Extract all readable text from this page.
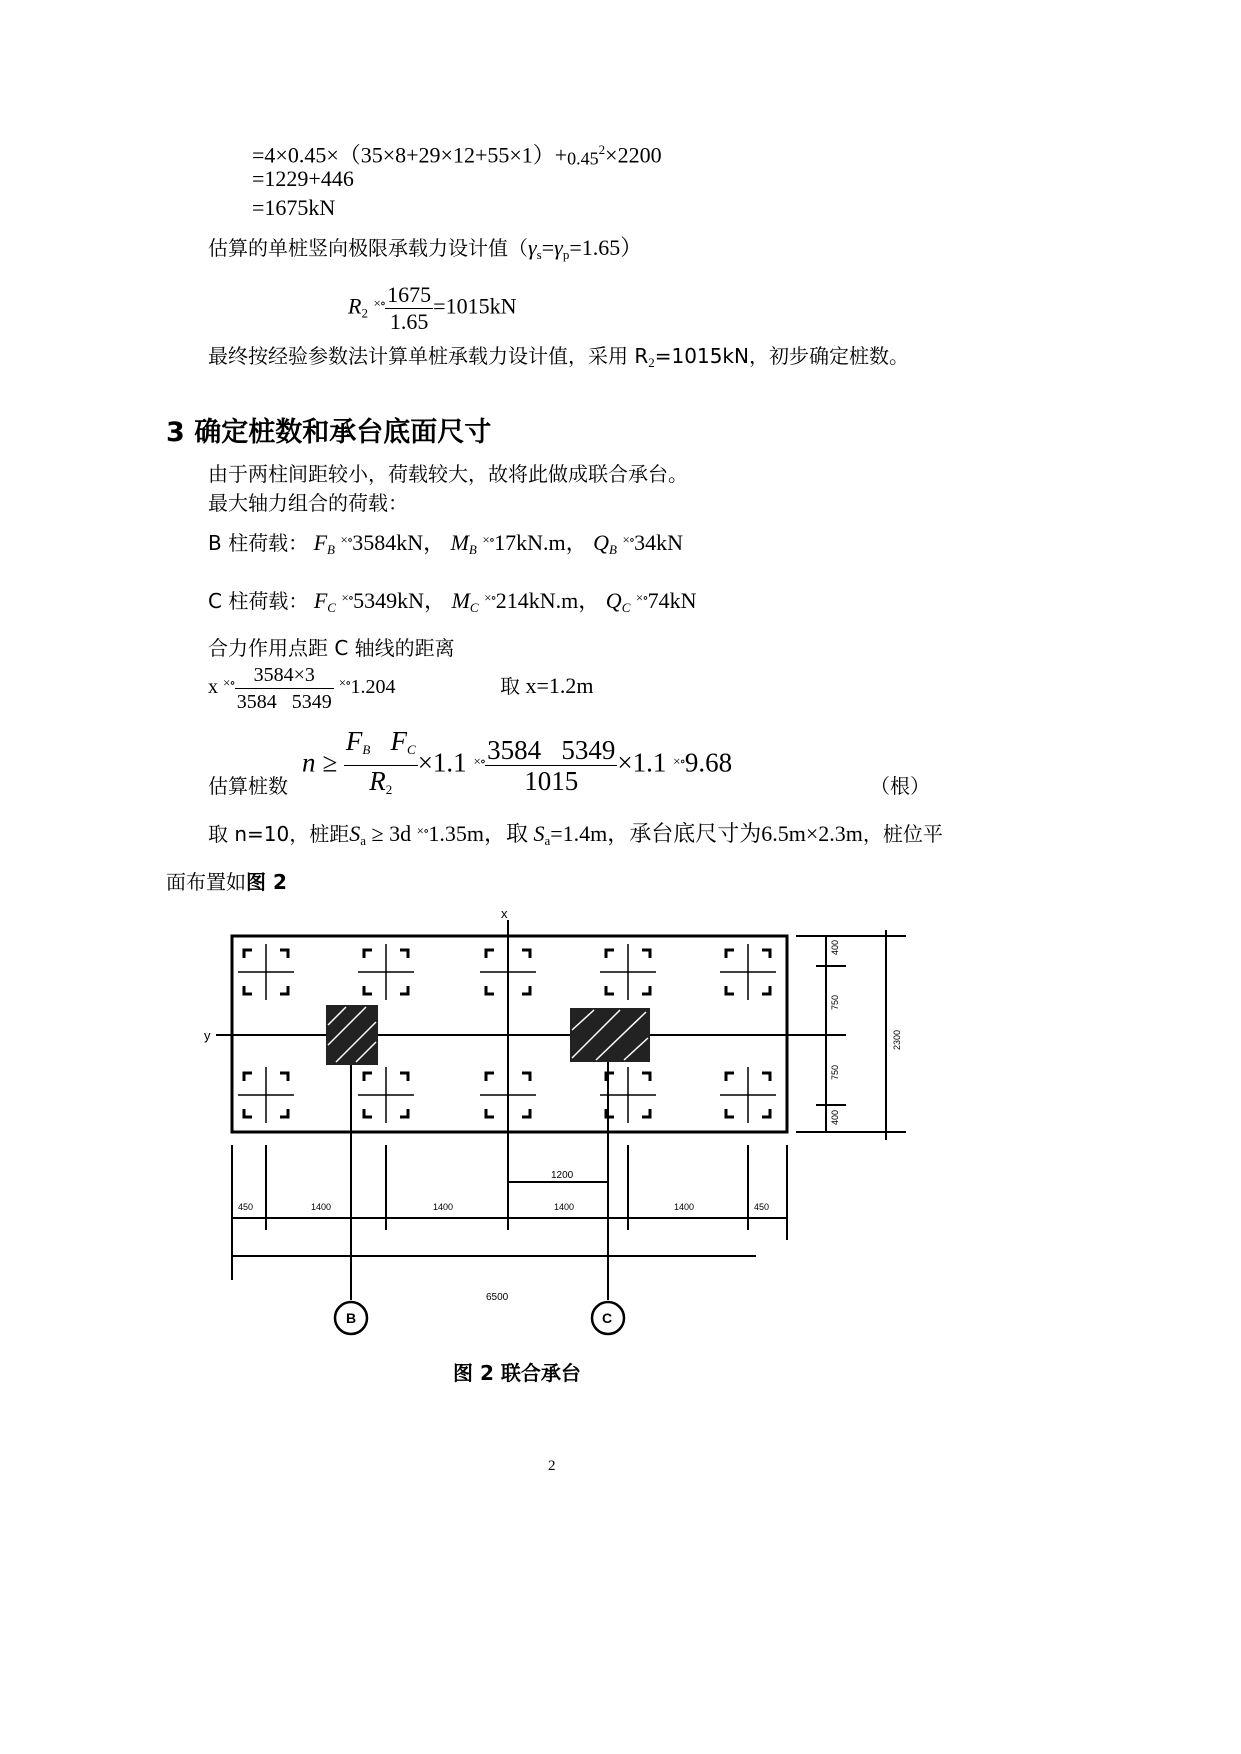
$=4\times 0.45\times(35\times 8+29\times 12+55\times 1)+0.45^2\times 2200$
=1229+446
=1675kN
估算的单桩竖向极限承载力设计值$(\gamma_s=\gamma_p=1.65)$
$R_2$ $^{\times\circ} \frac{1675}{1.65} =1015kN$
最终按经验参数法计算单桩承载力设计值，采用 $R_2=1015kN$，初步确定桩数。
3 确定桩数和承台底面尺寸
由于两柱间距较小，荷载较大，故将此做成联合承台。
最大轴力组合的荷载：
B 柱荷载： $F_B$ ×∘3584kN， $M_B$ ×∘17kN.m， $Q_B$ ×∘34kN
C 柱荷载： $F_C$ ×∘5349kN， $M_C$ ×∘214kN.m， $Q_C$ ×∘74kN
合力作用点距 C 轴线的距离
x $^{\times\circ} \frac{3584\times 3}{3584 5349} ^{\times\circ}1.204$	取 x=1.2m
估算桩数
$n \ge \frac{F_B F_C}{R_2} \times 1.1$ $^{\times\circ} \frac{3584 5349}{1015} \times 1.1$ ×∘9.68
（根）
取 n=10，桩距$S_a \ge 3d$ ×∘1.35m，取 $S_a=1.4m$，承台底尺寸为6.5m×2.3m，桩位平
面布置如图 2
x
y
1200
6500
450	1400	1400	1400	1400	450
B	C
400
750
750
400
2300
图 2 联合承台
2
